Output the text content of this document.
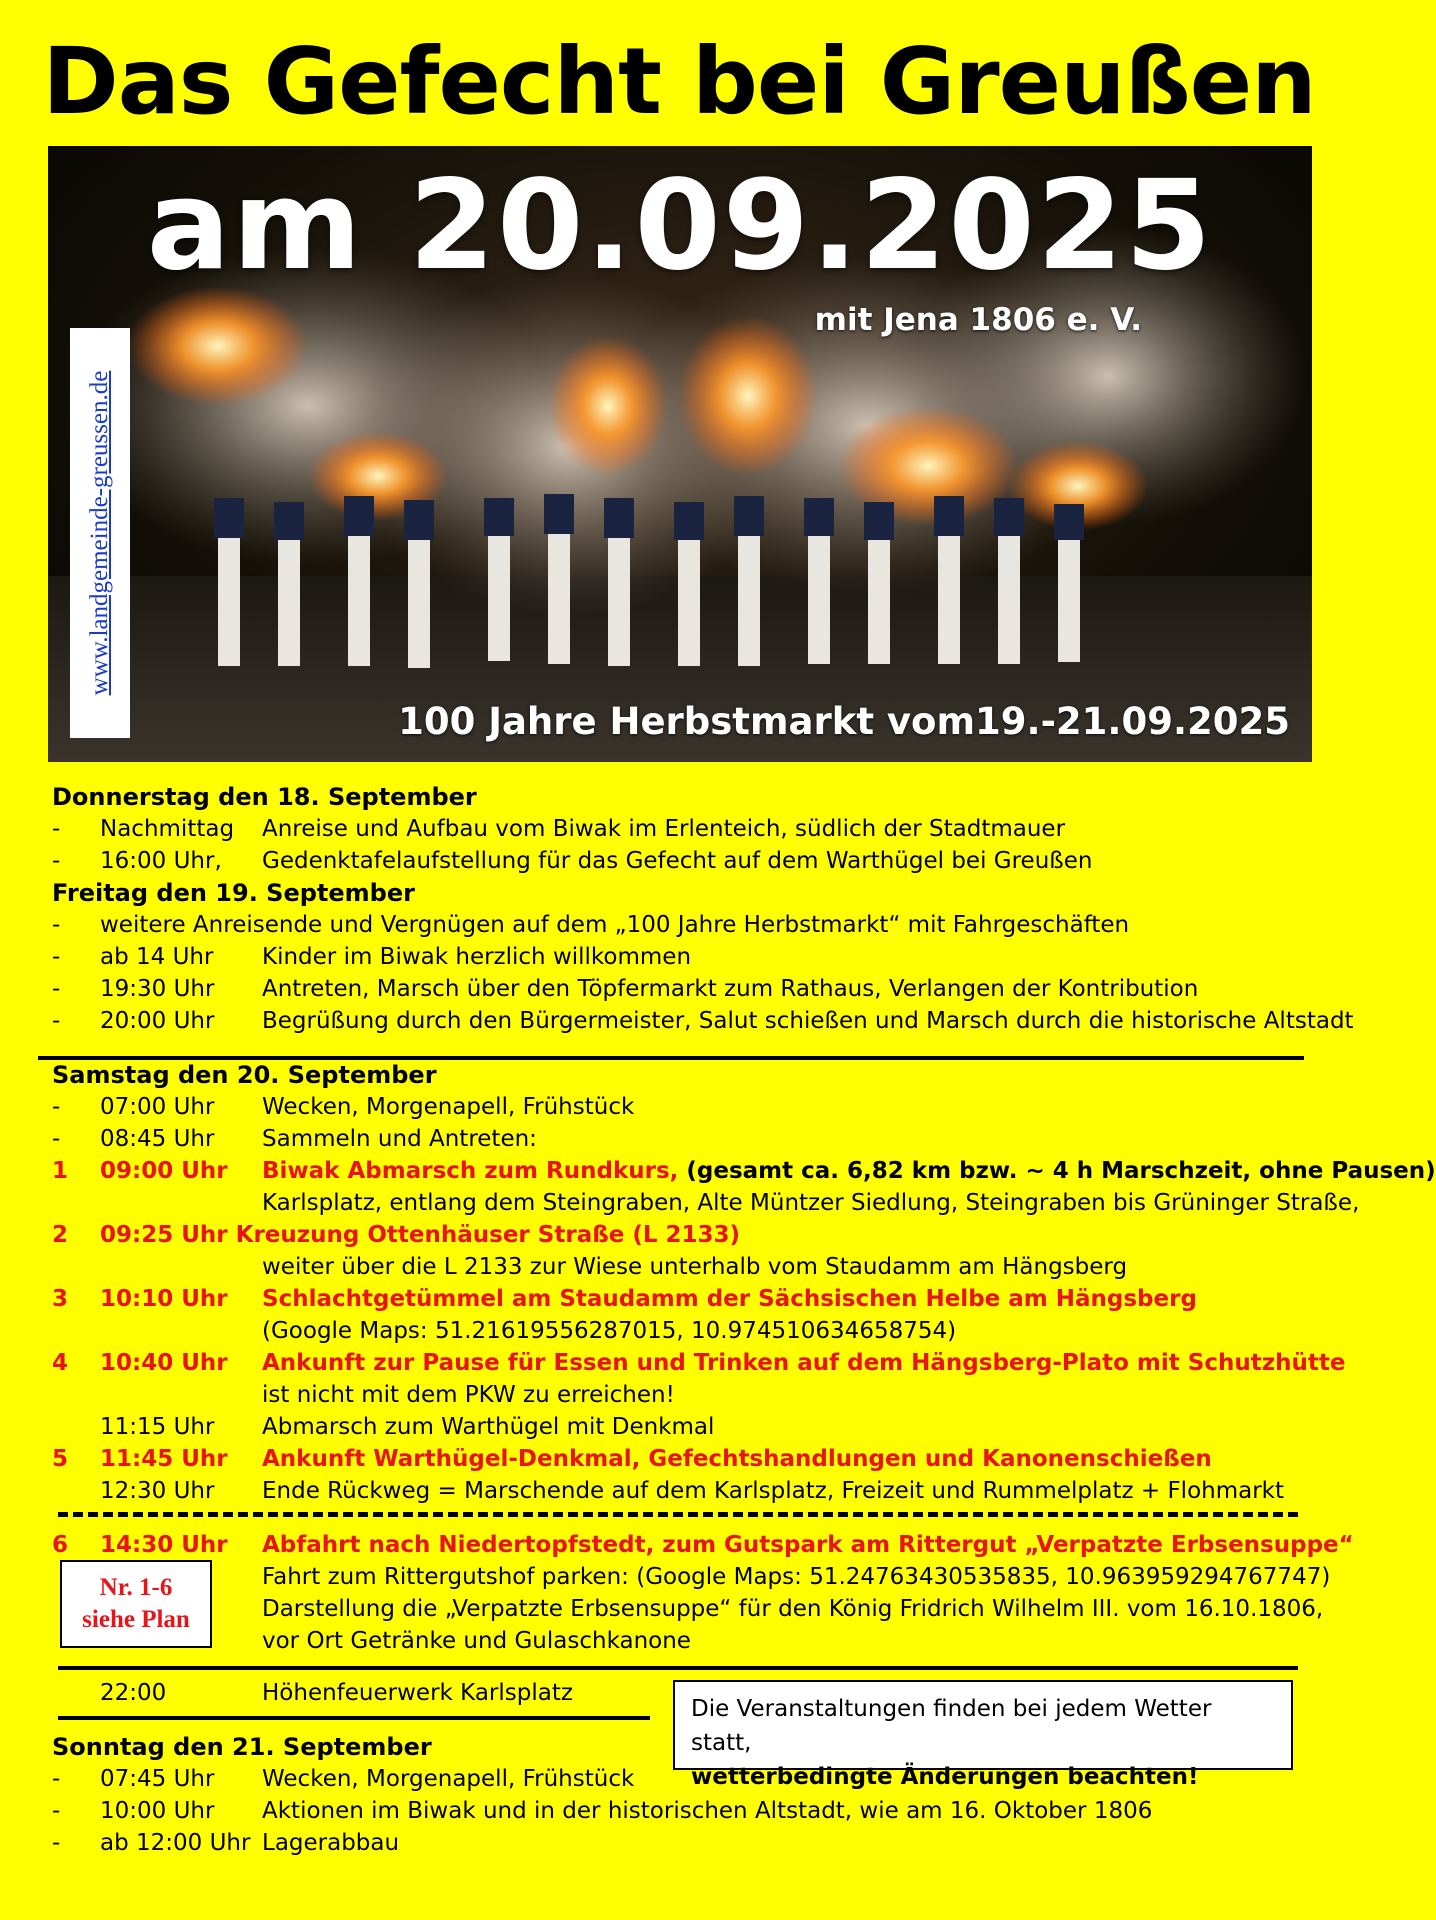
Das Gefecht bei Greußen
am 20.09.2025
mit Jena 1806 e. V.
100 Jahre Herbstmarkt vom19.-21.09.2025
www.landgemeinde-greussen.de
Donnerstag den 18. September
- Nachmittag Anreise und Aufbau vom Biwak im Erlenteich, südlich der Stadtmauer
- 16:00 Uhr, Gedenktafelaufstellung für das Gefecht auf dem Warthügel bei Greußen
Freitag den 19. September
- weitere Anreisende und Vergnügen auf dem „100 Jahre Herbstmarkt“ mit Fahrgeschäften
- ab 14 Uhr Kinder im Biwak herzlich willkommen
- 19:30 Uhr Antreten, Marsch über den Töpfermarkt zum Rathaus, Verlangen der Kontribution
- 20:00 Uhr Begrüßung durch den Bürgermeister, Salut schießen und Marsch durch die historische Altstadt
Samstag den 20. September
- 07:00 Uhr Wecken, Morgenapell, Frühstück
- 08:45 Uhr Sammeln und Antreten:
1 09:00 Uhr Biwak Abmarsch zum Rundkurs, (gesamt ca. 6,82 km bzw. ~ 4 h Marschzeit, ohne Pausen)
Karlsplatz, entlang dem Steingraben, Alte Müntzer Siedlung, Steingraben bis Grüninger Straße,
2 09:25 Uhr Kreuzung Ottenhäuser Straße (L 2133)
weiter über die L 2133 zur Wiese unterhalb vom Staudamm am Hängsberg
3 10:10 Uhr Schlachtgetümmel am Staudamm der Sächsischen Helbe am Hängsberg
(Google Maps: 51.21619556287015, 10.974510634658754)
4 10:40 Uhr Ankunft zur Pause für Essen und Trinken auf dem Hängsberg-Plato mit Schutzhütte
ist nicht mit dem PKW zu erreichen!
11:15 Uhr Abmarsch zum Warthügel mit Denkmal
5 11:45 Uhr Ankunft Warthügel-Denkmal, Gefechtshandlungen und Kanonenschießen
12:30 Uhr Ende Rückweg = Marschende auf dem Karlsplatz, Freizeit und Rummelplatz + Flohmarkt
6 14:30 Uhr Abfahrt nach Niedertopfstedt, zum Gutspark am Rittergut „Verpatzte Erbsensuppe“
Fahrt zum Rittergutshof parken: (Google Maps: 51.24763430535835, 10.963959294767747)
Darstellung die „Verpatzte Erbsensuppe“ für den König Fridrich Wilhelm III. vom 16.10.1806,
vor Ort Getränke und Gulaschkanone
Nr. 1-6
siehe Plan
22:00	Höhenfeuerwerk Karlsplatz
Die Veranstaltungen finden bei jedem Wetter statt,
wetterbedingte Änderungen beachten!
Sonntag den 21. September
- 07:45 Uhr Wecken, Morgenapell, Frühstück
- 10:00 Uhr Aktionen im Biwak und in der historischen Altstadt, wie am 16. Oktober 1806
- ab 12:00 Uhr Lagerabbau
